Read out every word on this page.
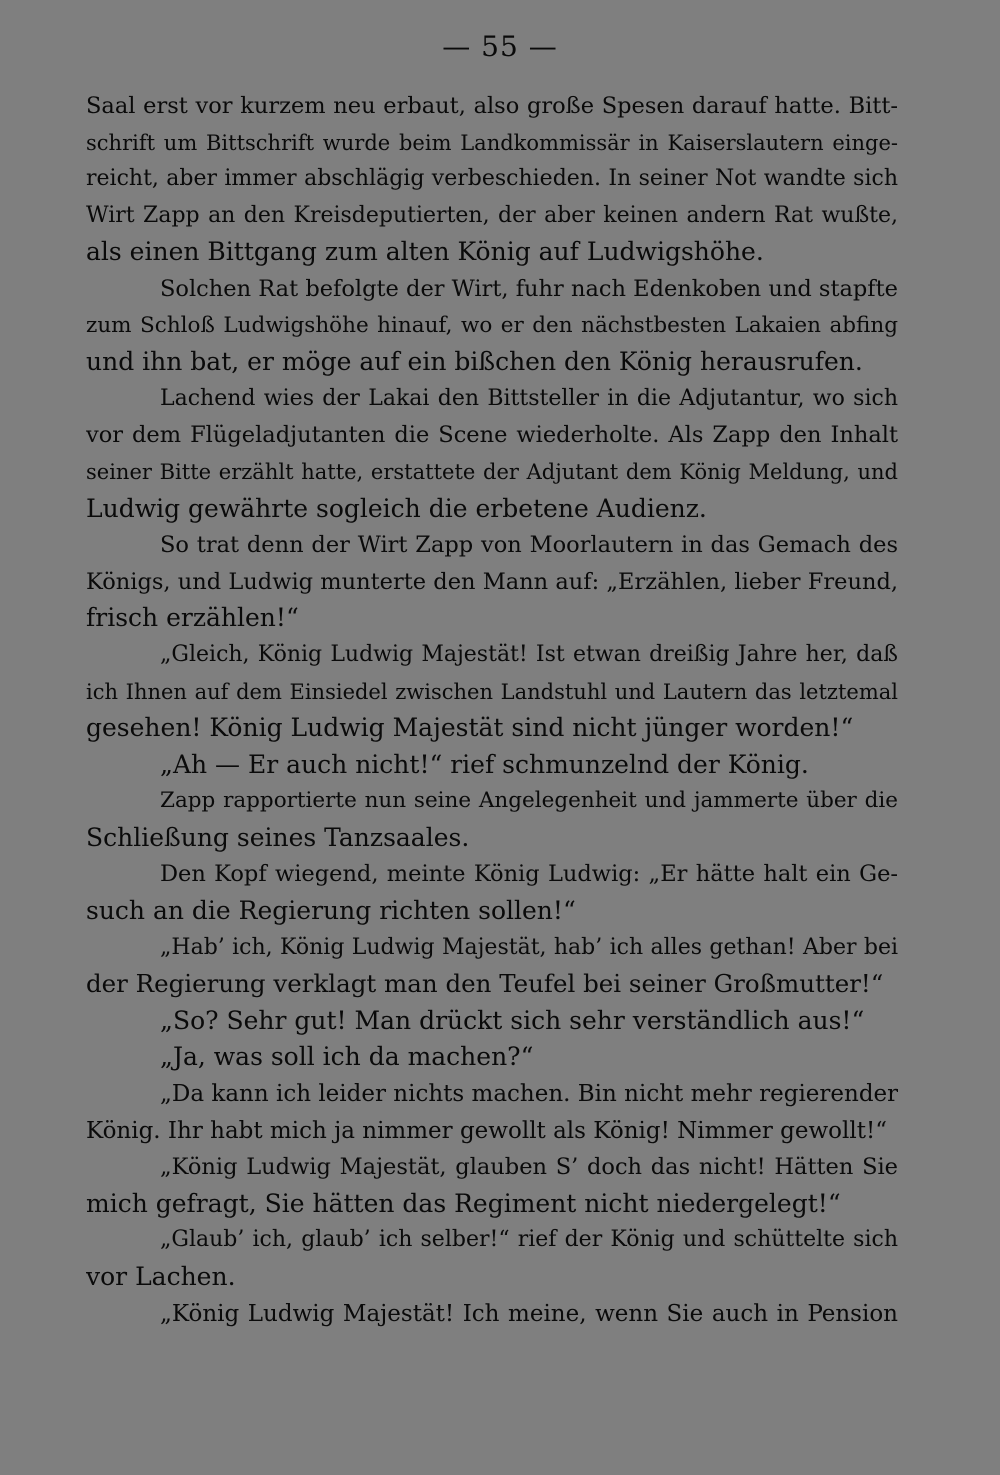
— 55 —
Saal erst vor kurzem neu erbaut, also große Spesen darauf hatte. Bitt-
schrift um Bittschrift wurde beim Landkommissär in Kaiserslautern einge-
reicht, aber immer abschlägig verbeschieden. In seiner Not wandte sich
Wirt Zapp an den Kreisdeputierten, der aber keinen andern Rat wußte,
als einen Bittgang zum alten König auf Ludwigshöhe.
Solchen Rat befolgte der Wirt, fuhr nach Edenkoben und stapfte
zum Schloß Ludwigshöhe hinauf, wo er den nächstbesten Lakaien abfing
und ihn bat, er möge auf ein bißchen den König herausrufen.
Lachend wies der Lakai den Bittsteller in die Adjutantur, wo sich
vor dem Flügeladjutanten die Scene wiederholte. Als Zapp den Inhalt
seiner Bitte erzählt hatte, erstattete der Adjutant dem König Meldung, und
Ludwig gewährte sogleich die erbetene Audienz.
So trat denn der Wirt Zapp von Moorlautern in das Gemach des
Königs, und Ludwig munterte den Mann auf: „Erzählen, lieber Freund,
frisch erzählen!“
„Gleich, König Ludwig Majestät! Ist etwan dreißig Jahre her, daß
ich Ihnen auf dem Einsiedel zwischen Landstuhl und Lautern das letztemal
gesehen! König Ludwig Majestät sind nicht jünger worden!“
„Ah — Er auch nicht!“ rief schmunzelnd der König.
Zapp rapportierte nun seine Angelegenheit und jammerte über die
Schließung seines Tanzsaales.
Den Kopf wiegend, meinte König Ludwig: „Er hätte halt ein Ge-
such an die Regierung richten sollen!“
„Hab’ ich, König Ludwig Majestät, hab’ ich alles gethan! Aber bei
der Regierung verklagt man den Teufel bei seiner Großmutter!“
„So? Sehr gut! Man drückt sich sehr verständlich aus!“
„Ja, was soll ich da machen?“
„Da kann ich leider nichts machen. Bin nicht mehr regierender
König. Ihr habt mich ja nimmer gewollt als König! Nimmer gewollt!“
„König Ludwig Majestät, glauben S’ doch das nicht! Hätten Sie
mich gefragt, Sie hätten das Regiment nicht niedergelegt!“
„Glaub’ ich, glaub’ ich selber!“ rief der König und schüttelte sich
vor Lachen.
„König Ludwig Majestät! Ich meine, wenn Sie auch in Pension
